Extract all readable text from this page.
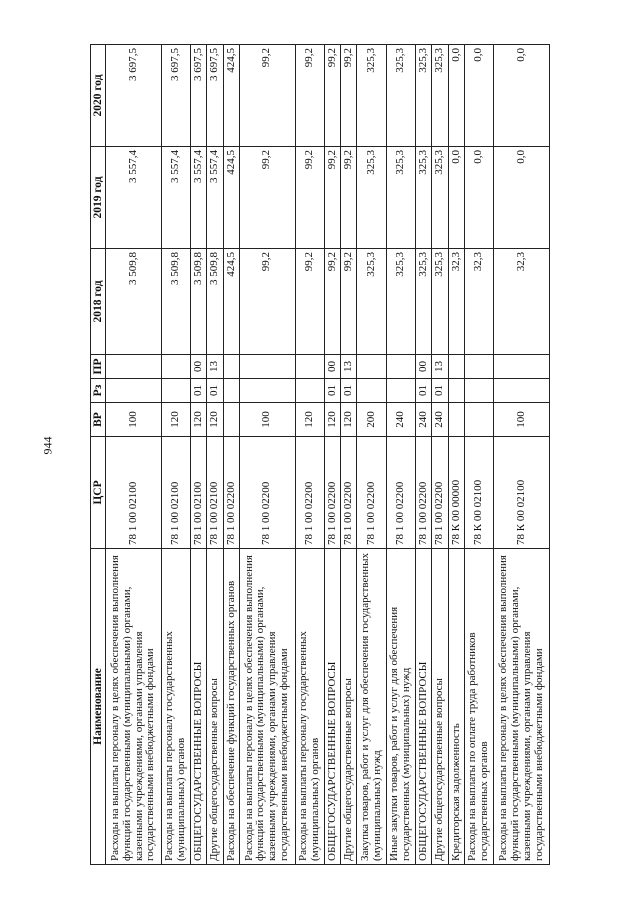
944
Наименование	ЦСР	ВР	Рз	ПР	2018 год	2019 год	2020 год
Расходы на выплаты персоналу в целях обеспечения выполнения функций государственными (муниципальными) органами, казенными учреждениями, органами управления государственными внебюджетными фондами	78 1 00 02100	100			3 509,8	3 557,4	3 697,5
Расходы на выплаты персоналу государственных (муниципальных) органов	78 1 00 02100	120			3 509,8	3 557,4	3 697,5
ОБЩЕГОСУДАРСТВЕННЫЕ ВОПРОСЫ	78 1 00 02100	120	01	00	3 509,8	3 557,4	3 697,5
Другие общегосударственные вопросы	78 1 00 02100	120	01	13	3 509,8	3 557,4	3 697,5
Расходы на обеспечение функций государственных органов	78 1 00 02200				424,5	424,5	424,5
Расходы на выплаты персоналу в целях обеспечения выполнения функций государственными (муниципальными) органами, казенными учреждениями, органами управления государственными внебюджетными фондами	78 1 00 02200	100			99,2	99,2	99,2
Расходы на выплаты персоналу государственных (муниципальных) органов	78 1 00 02200	120			99,2	99,2	99,2
ОБЩЕГОСУДАРСТВЕННЫЕ ВОПРОСЫ	78 1 00 02200	120	01	00	99,2	99,2	99,2
Другие общегосударственные вопросы	78 1 00 02200	120	01	13	99,2	99,2	99,2
Закупка товаров, работ и услуг для обеспечения государственных (муниципальных) нужд	78 1 00 02200	200			325,3	325,3	325,3
Иные закупки товаров, работ и услуг для обеспечения государственных (муниципальных) нужд	78 1 00 02200	240			325,3	325,3	325,3
ОБЩЕГОСУДАРСТВЕННЫЕ ВОПРОСЫ	78 1 00 02200	240	01	00	325,3	325,3	325,3
Другие общегосударственные вопросы	78 1 00 02200	240	01	13	325,3	325,3	325,3
Кредиторская задолженность	78 К 00 00000				32,3	0,0	0,0
Расходы на выплаты по оплате труда работников государственных органов	78 К 00 02100				32,3	0,0	0,0
Расходы на выплаты персоналу в целях обеспечения выполнения функций государственными (муниципальными) органами, казенными учреждениями, органами управления государственными внебюджетными фондами	78 К 00 02100	100			32,3	0,0	0,0
